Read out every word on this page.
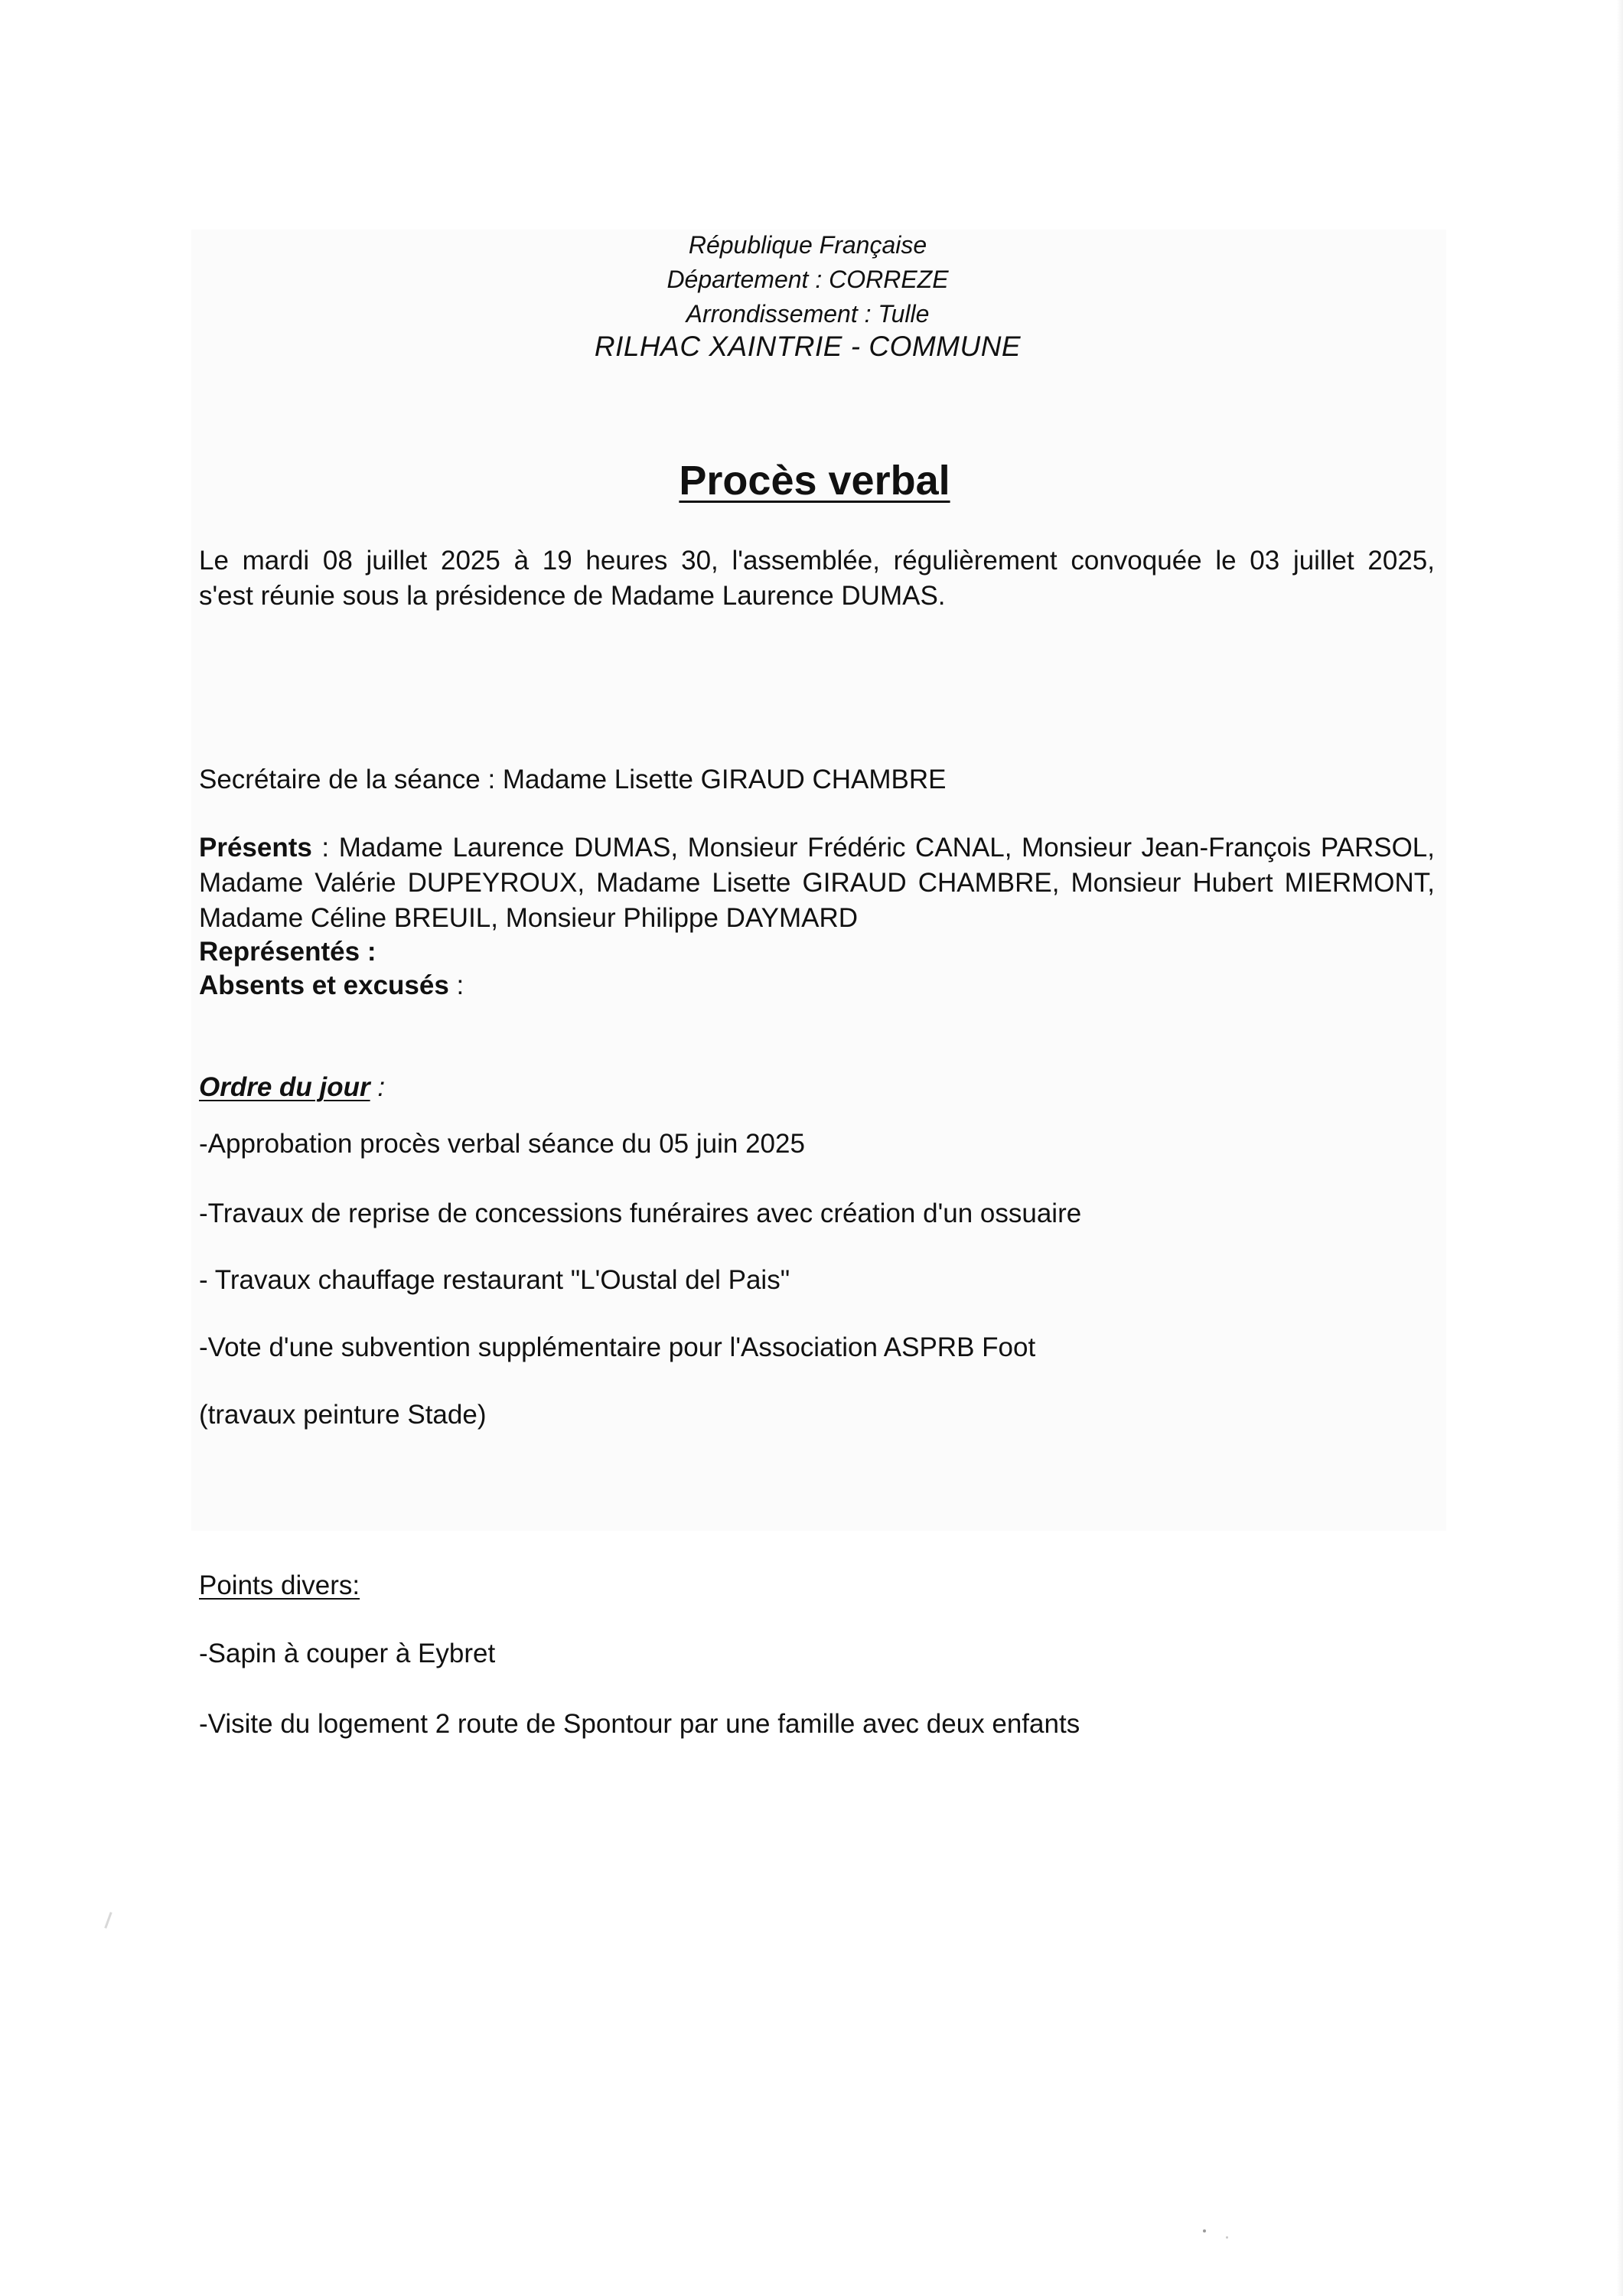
République Française
Département : CORREZE
Arrondissement : Tulle
RILHAC XAINTRIE - COMMUNE
Procès verbal
Le mardi 08 juillet 2025 à 19 heures 30, l'assemblée, régulièrement convoquée le 03 juillet 2025,
s'est réunie sous la présidence de Madame Laurence DUMAS.
Secrétaire de la séance : Madame Lisette GIRAUD CHAMBRE
Présents : Madame Laurence DUMAS, Monsieur Frédéric CANAL, Monsieur Jean-François PARSOL, Madame Valérie DUPEYROUX, Madame Lisette GIRAUD CHAMBRE, Monsieur Hubert MIERMONT, Madame Céline BREUIL, Monsieur Philippe DAYMARD
Représentés :
Absents et excusés :
Ordre du jour :
-Approbation procès verbal séance du 05 juin 2025
-Travaux de reprise de concessions funéraires avec création d'un ossuaire
- Travaux chauffage restaurant "L'Oustal del Pais"
-Vote d'une subvention supplémentaire pour l'Association ASPRB Foot
(travaux peinture Stade)
Points divers:
-Sapin à couper à Eybret
-Visite du logement 2 route de Spontour par une famille avec deux enfants
